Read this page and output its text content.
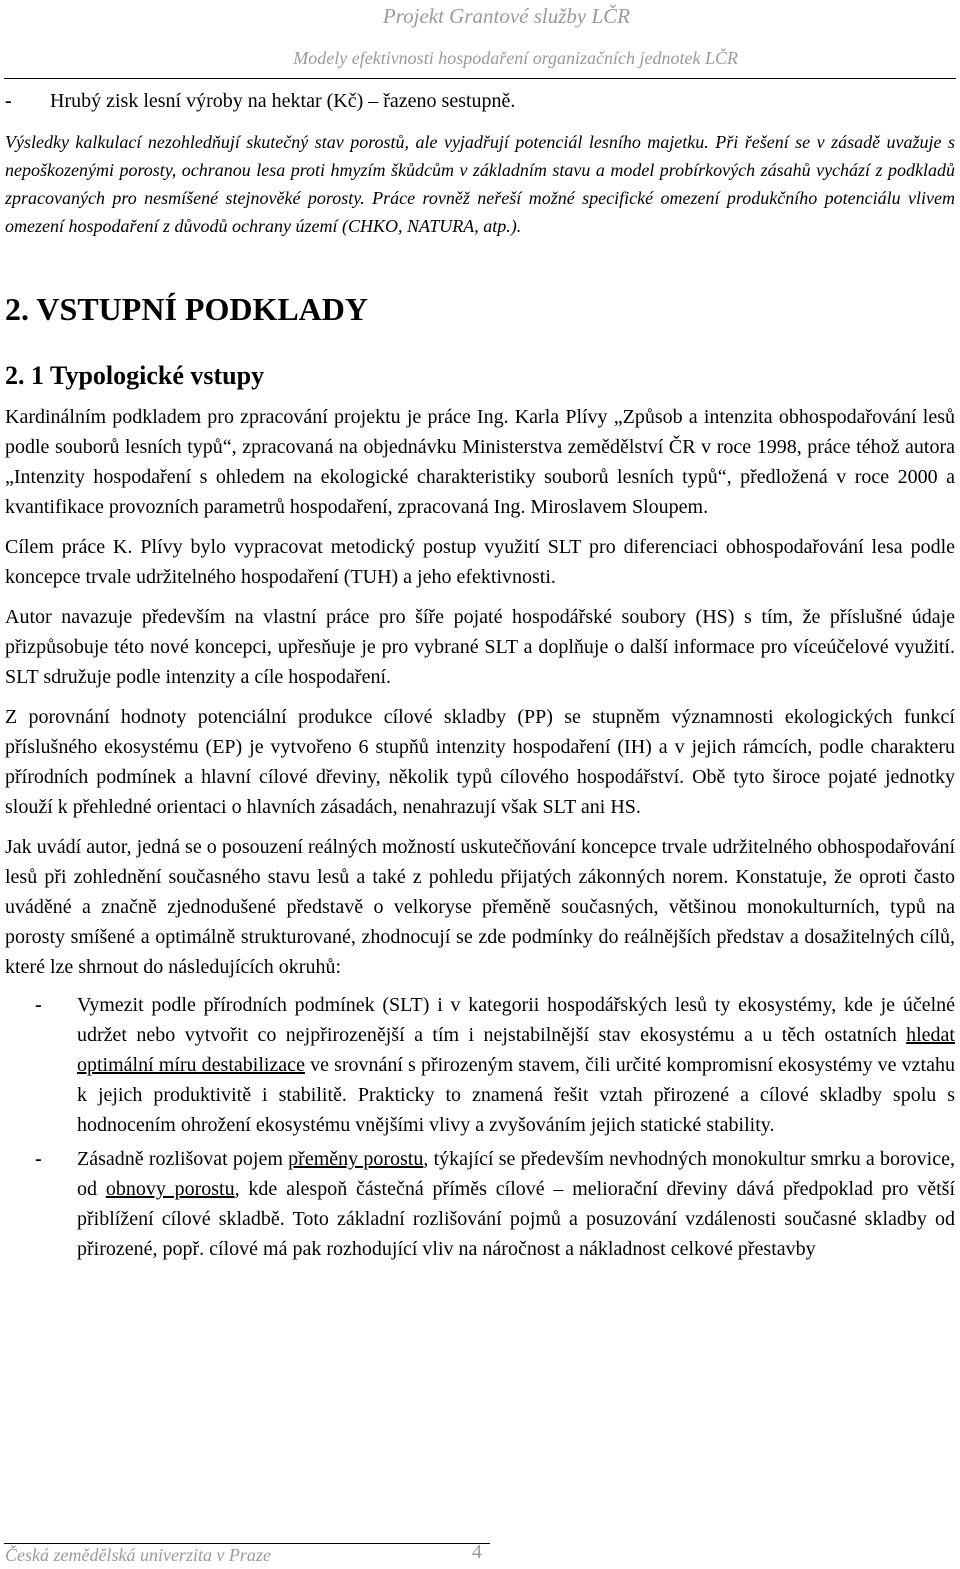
Projekt Grantové služby LČR
Modely efektivnosti hospodaření organizačních jednotek LČR

- Hrubý zisk lesní výroby na hektar (Kč) – řazeno sestupně.

Výsledky kalkulací nezohledňují skutečný stav porostů, ale vyjadřují potenciál lesního majetku. Při řešení se v zásadě uvažuje s nepoškozenými porosty, ochranou lesa proti hmyzím škůdcům v základním stavu a model probírkových zásahů vychází z podkladů zpracovaných pro nesmíšené stejnověké porosty. Práce rovněž neřeší možné specifické omezení produkčního potenciálu vlivem omezení hospodaření z důvodů ochrany území (CHKO, NATURA, atp.).

2. VSTUPNÍ PODKLADY
2. 1 Typologické vstupy

Kardinálním podkladem pro zpracování projektu je práce Ing. Karla Plívy „Způsob a intenzita obhospodařování lesů podle souborů lesních typů“, zpracovaná na objednávku Ministerstva zemědělství ČR v roce 1998, práce téhož autora „Intenzity hospodaření s ohledem na ekologické charakteristiky souborů lesních typů“, předložená v roce 2000 a kvantifikace provozních parametrů hospodaření, zpracovaná Ing. Miroslavem Sloupem.

Cílem práce K. Plívy bylo vypracovat metodický postup využití SLT pro diferenciaci obhospodařování lesa podle koncepce trvale udržitelného hospodaření (TUH) a jeho efektivnosti.

Autor navazuje především na vlastní práce pro šíře pojaté hospodářské soubory (HS) s tím, že příslušné údaje přizpůsobuje této nové koncepci, upřesňuje je pro vybrané SLT a doplňuje o další informace pro víceúčelové využití. SLT sdružuje podle intenzity a cíle hospodaření.

Z porovnání hodnoty potenciální produkce cílové skladby (PP) se stupněm významnosti ekologických funkcí příslušného ekosystému (EP) je vytvořeno 6 stupňů intenzity hospodaření (IH) a v jejich rámcích, podle charakteru přírodních podmínek a hlavní cílové dřeviny, několik typů cílového hospodářství. Obě tyto široce pojaté jednotky slouží k přehledné orientaci o hlavních zásadách, nenahrazují však SLT ani HS.

Jak uvádí autor, jedná se o posouzení reálných možností uskutečňování koncepce trvale udržitelného obhospodařování lesů při zohlednění současného stavu lesů a také z pohledu přijatých zákonných norem. Konstatuje, že oproti často uváděné a značně zjednodušené představě o velkoryse přeměně současných, většinou monokulturních, typů na porosty smíšené a optimálně strukturované, zhodnocují se zde podmínky do reálnějších představ a dosažitelných cílů, které lze shrnout do následujících okruhů:

- Vymezit podle přírodních podmínek (SLT) i v kategorii hospodářských lesů ty ekosystémy, kde je účelné udržet nebo vytvořit co nejpřirozenější a tím i nejstabilnější stav ekosystému a u těch ostatních hledat optimální míru destabilizace ve srovnání s přirozeným stavem, čili určité kompromisní ekosystémy ve vztahu k jejich produktivitě i stabilitě. Prakticky to znamená řešit vztah přirozené a cílové skladby spolu s hodnocením ohrožení ekosystému vnějšími vlivy a zvyšováním jejich statické stability.

- Zásadně rozlišovat pojem přeměny porostu, týkající se především nevhodných monokultur smrku a borovice, od obnovy porostu, kde alespoň částečná příměs cílové – meliorační dřeviny dává předpoklad pro větší přiblížení cílové skladbě. Toto základní rozlišování pojmů a posuzování vzdálenosti současné skladby od přirozené, popř. cílové má pak rozhodující vliv na náročnost a nákladnost celkové přestavby

Česká zemědělská univerzita v Praze	4
